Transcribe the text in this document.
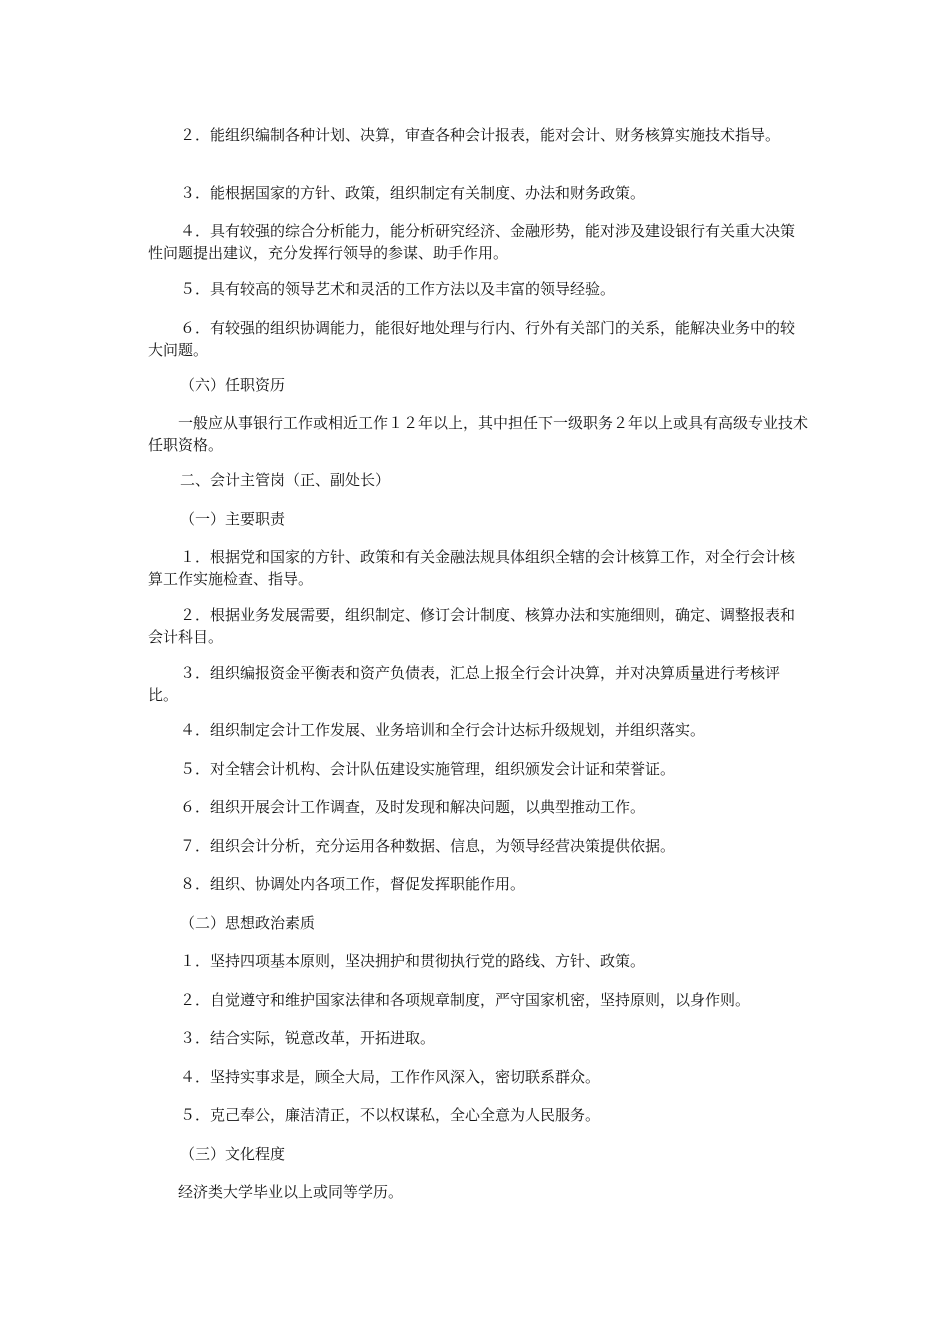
２．能组织编制各种计划、决算，审查各种会计报表，能对会计、财务核算实施技术指导。

３．能根据国家的方针、政策，组织制定有关制度、办法和财务政策。

４．具有较强的综合分析能力，能分析研究经济、金融形势，能对涉及建设银行有关重大决策性问题提出建议，充分发挥行领导的参谋、助手作用。

５．具有较高的领导艺术和灵活的工作方法以及丰富的领导经验。

６．有较强的组织协调能力，能很好地处理与行内、行外有关部门的关系，能解决业务中的较大问题。

（六）任职资历

一般应从事银行工作或相近工作１２年以上，其中担任下一级职务２年以上或具有高级专业技术任职资格。

二、会计主管岗（正、副处长）

（一）主要职责

１．根据党和国家的方针、政策和有关金融法规具体组织全辖的会计核算工作，对全行会计核算工作实施检查、指导。

２．根据业务发展需要，组织制定、修订会计制度、核算办法和实施细则，确定、调整报表和会计科目。

３．组织编报资金平衡表和资产负债表，汇总上报全行会计决算，并对决算质量进行考核评比。

４．组织制定会计工作发展、业务培训和全行会计达标升级规划，并组织落实。

５．对全辖会计机构、会计队伍建设实施管理，组织颁发会计证和荣誉证。

６．组织开展会计工作调查，及时发现和解决问题，以典型推动工作。

７．组织会计分析，充分运用各种数据、信息，为领导经营决策提供依据。

８．组织、协调处内各项工作，督促发挥职能作用。

（二）思想政治素质

１．坚持四项基本原则，坚决拥护和贯彻执行党的路线、方针、政策。

２．自觉遵守和维护国家法律和各项规章制度，严守国家机密，坚持原则，以身作则。

３．结合实际，锐意改革，开拓进取。

４．坚持实事求是，顾全大局，工作作风深入，密切联系群众。

５．克己奉公，廉洁清正，不以权谋私，全心全意为人民服务。

（三）文化程度

经济类大学毕业以上或同等学历。
